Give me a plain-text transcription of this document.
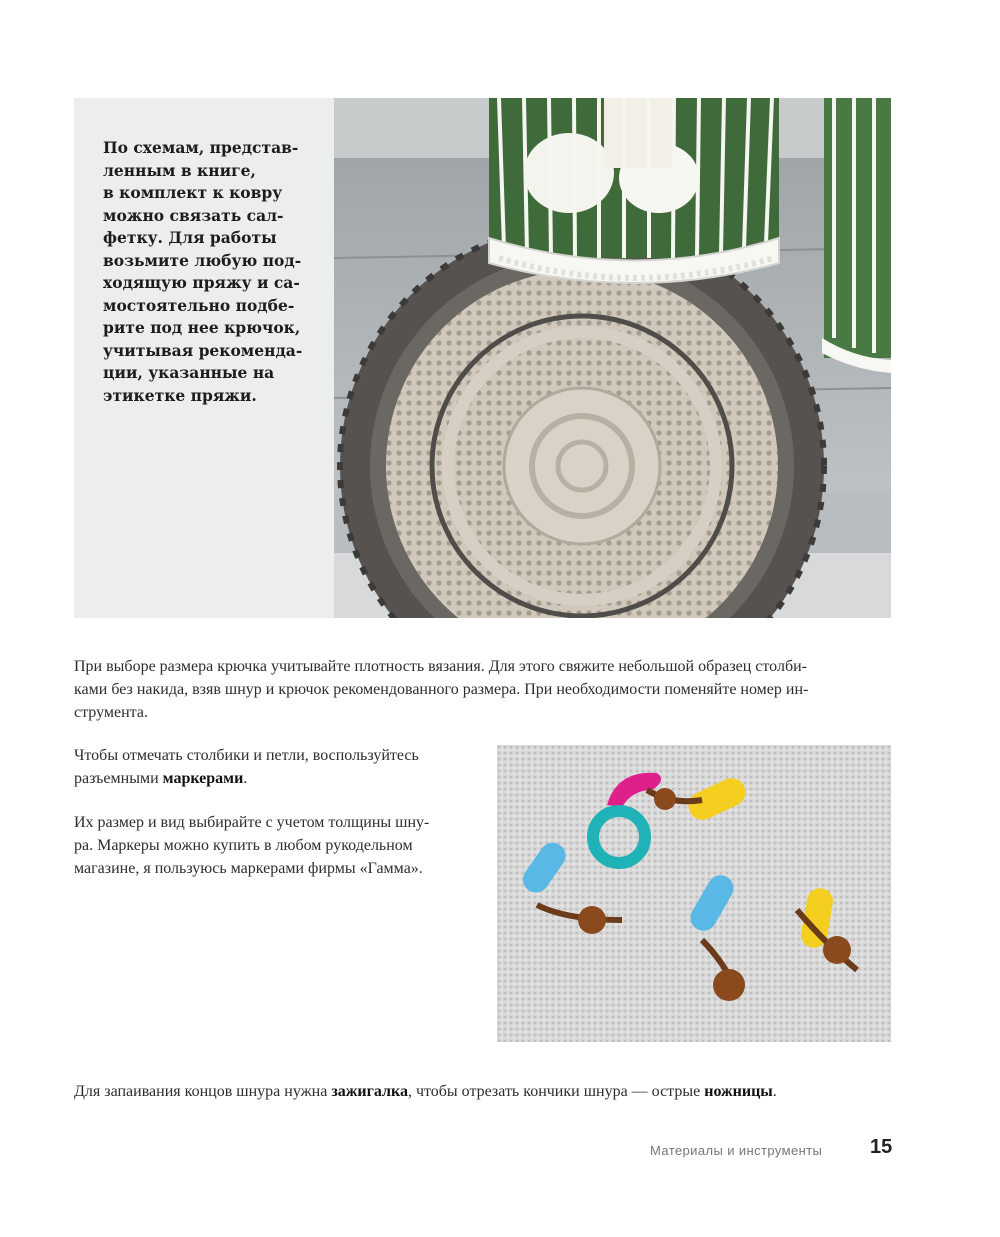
По схемам, представ-
ленным в книге,
в комплект к ковру
можно связать сал-
фетку. Для работы
возьмите любую под-
ходящую пряжу и са-
мостоятельно подбе-
рите под нее крючок,
учитывая рекоменда-
ции, указанные на
этикетке пряжи.

При выборе размера крючка учитывайте плотность вязания. Для этого свяжите небольшой образец столби-
ками без накида, взяв шнур и крючок рекомендованного размера. При необходимости поменяйте номер ин-
струмента.

Чтобы отмечать столбики и петли, воспользуйтесь
разъемными маркерами.

Их размер и вид выбирайте с учетом толщины шну-
ра. Маркеры можно купить в любом рукодельном
магазине, я пользуюсь маркерами фирмы «Гамма».

Для запаивания концов шнура нужна зажигалка, чтобы отрезать кончики шнура — острые ножницы.

Материалы и инструменты 15
